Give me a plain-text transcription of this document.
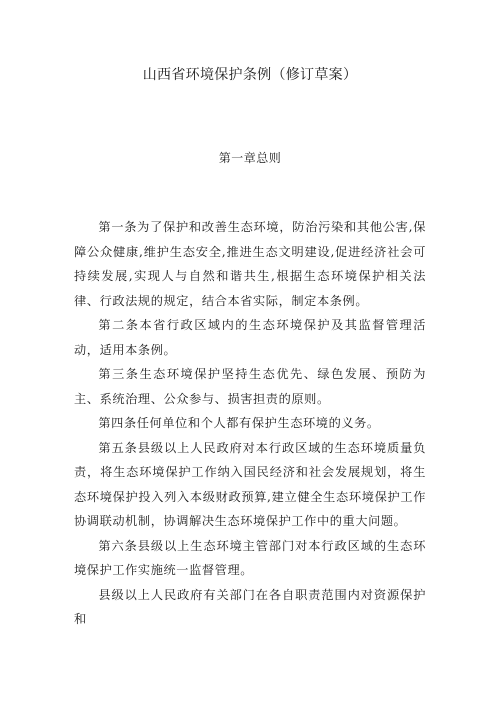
山西省环境保护条例（修订草案）
第一章总则

第一条为了保护和改善生态环境，防治污染和其他公害,保障公众健康,维护生态安全,推进生态文明建设,促进经济社会可持续发展,实现人与自然和谐共生,根据生态环境保护相关法律、行政法规的规定，结合本省实际，制定本条例。

第二条本省行政区域内的生态环境保护及其监督管理活动，适用本条例。

第三条生态环境保护坚持生态优先、绿色发展、预防为主、系统治理、公众参与、损害担责的原则。

第四条任何单位和个人都有保护生态环境的义务。

第五条县级以上人民政府对本行政区域的生态环境质量负责，将生态环境保护工作纳入国民经济和社会发展规划，将生态环境保护投入列入本级财政预算,建立健全生态环境保护工作协调联动机制，协调解决生态环境保护工作中的重大问题。

第六条县级以上生态环境主管部门对本行政区域的生态环境保护工作实施统一监督管理。

县级以上人民政府有关部门在各自职责范围内对资源保护和
